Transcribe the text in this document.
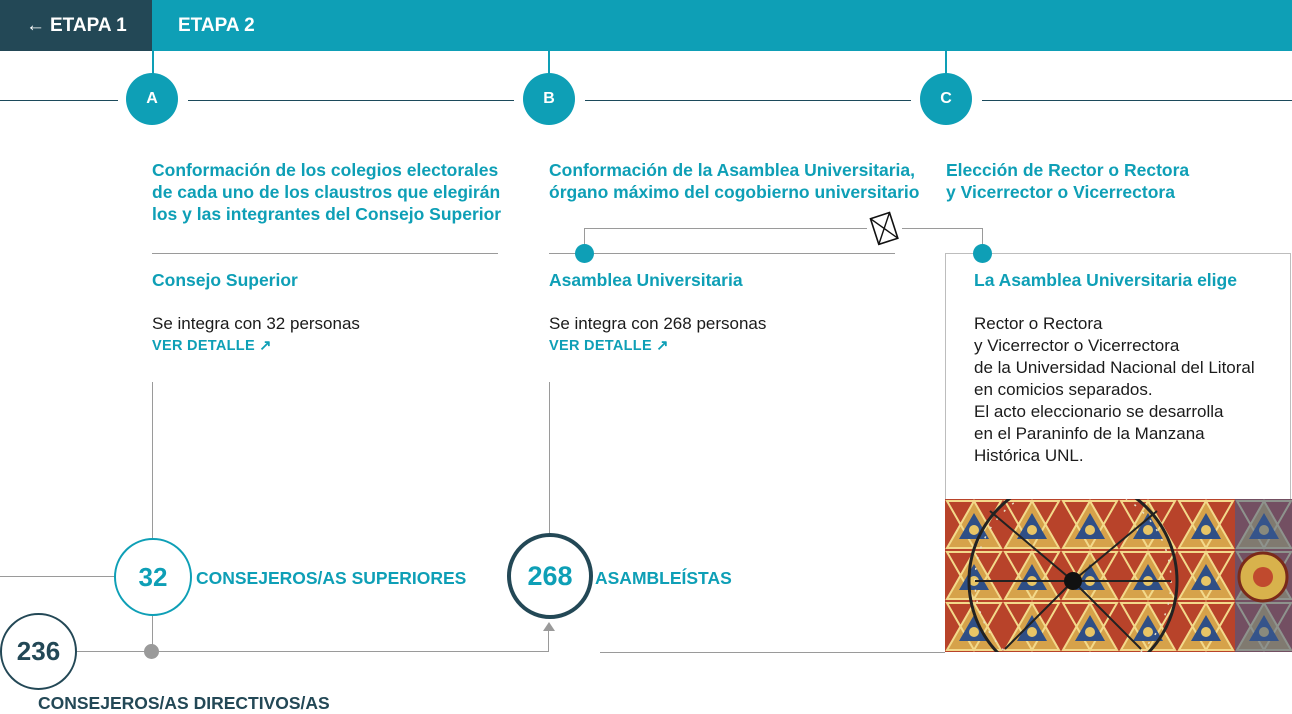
← ETAPA 1	ETAPA 2
A	B	C
Conformación de los colegios electorales
de cada uno de los claustros que elegirán
los y las integrantes del Consejo Superior
Consejo Superior
Se integra con 32 personas
VER DETALLE ↗
Conformación de la Asamblea Universitaria,
órgano máximo del cogobierno universitario
Asamblea Universitaria
Se integra con 268 personas
VER DETALLE ↗
Elección de Rector o Rectora
y Vicerrector o Vicerrectora
La Asamblea Universitaria elige
Rector o Rectora
y Vicerrector o Vicerrectora
de la Universidad Nacional del Litoral
en comicios separados.
El acto eleccionario se desarrolla
en el Paraninfo de la Manzana
Histórica UNL.
32	CONSEJEROS/AS SUPERIORES	268	ASAMBLEÍSTAS
236
CONSEJEROS/AS DIRECTIVOS/AS
